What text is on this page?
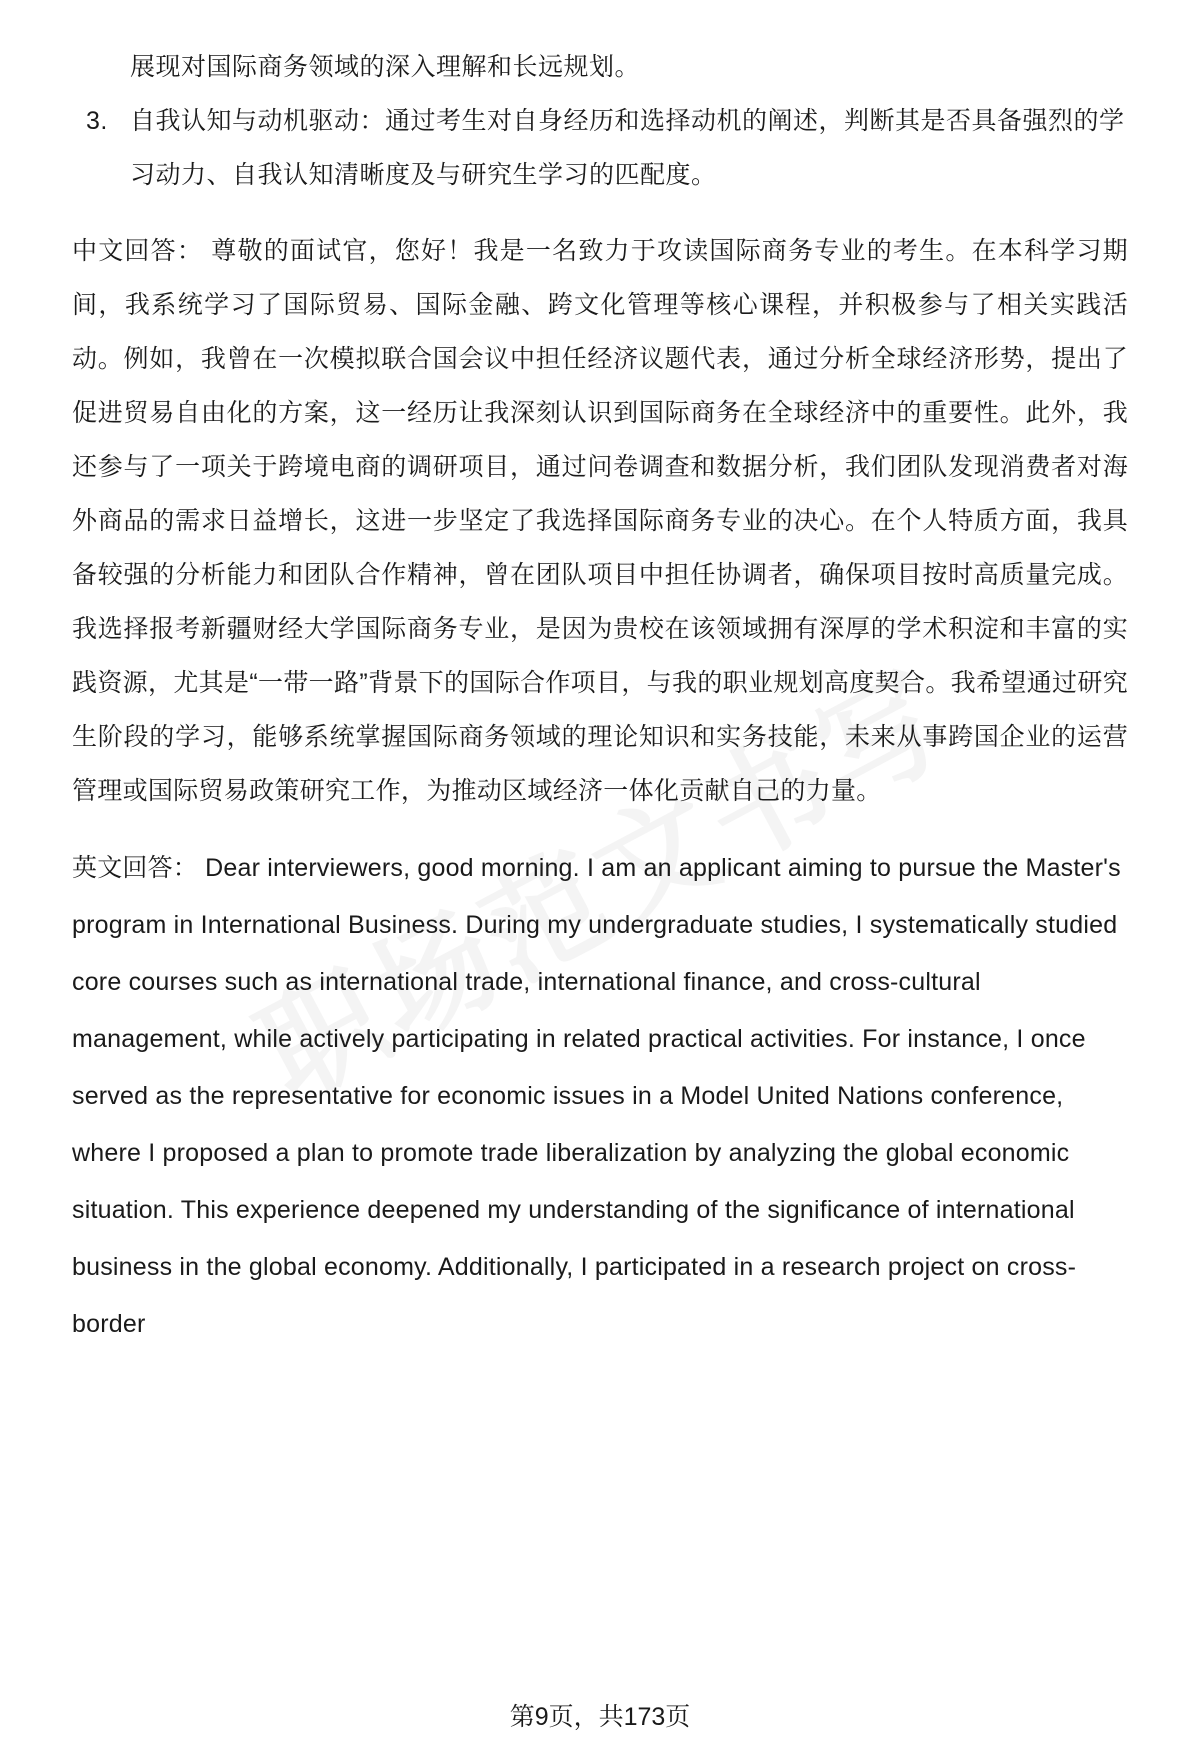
展现对国际商务领域的深入理解和长远规划。

3. 自我认知与动机驱动：通过考生对自身经历和选择动机的阐述，判断其是否具备强烈的学习动力、自我认知清晰度及与研究生学习的匹配度。

中文回答： 尊敬的面试官，您好！我是一名致力于攻读国际商务专业的考生。在本科学习期间，我系统学习了国际贸易、国际金融、跨文化管理等核心课程，并积极参与了相关实践活动。例如，我曾在一次模拟联合国会议中担任经济议题代表，通过分析全球经济形势，提出了促进贸易自由化的方案，这一经历让我深刻认识到国际商务在全球经济中的重要性。此外，我还参与了一项关于跨境电商的调研项目，通过问卷调查和数据分析，我们团队发现消费者对海外商品的需求日益增长，这进一步坚定了我选择国际商务专业的决心。在个人特质方面，我具备较强的分析能力和团队合作精神，曾在团队项目中担任协调者，确保项目按时高质量完成。我选择报考新疆财经大学国际商务专业，是因为贵校在该领域拥有深厚的学术积淀和丰富的实践资源，尤其是“一带一路”背景下的国际合作项目，与我的职业规划高度契合。我希望通过研究生阶段的学习，能够系统掌握国际商务领域的理论知识和实务技能，未来从事跨国企业的运营管理或国际贸易政策研究工作，为推动区域经济一体化贡献自己的力量。

英文回答： Dear interviewers, good morning. I am an applicant aiming to pursue the Master's program in International Business. During my undergraduate studies, I systematically studied core courses such as international trade, international finance, and cross-cultural management, while actively participating in related practical activities. For instance, I once served as the representative for economic issues in a Model United Nations conference, where I proposed a plan to promote trade liberalization by analyzing the global economic situation. This experience deepened my understanding of the significance of international business in the global economy. Additionally, I participated in a research project on cross-border

第9页，共173页
